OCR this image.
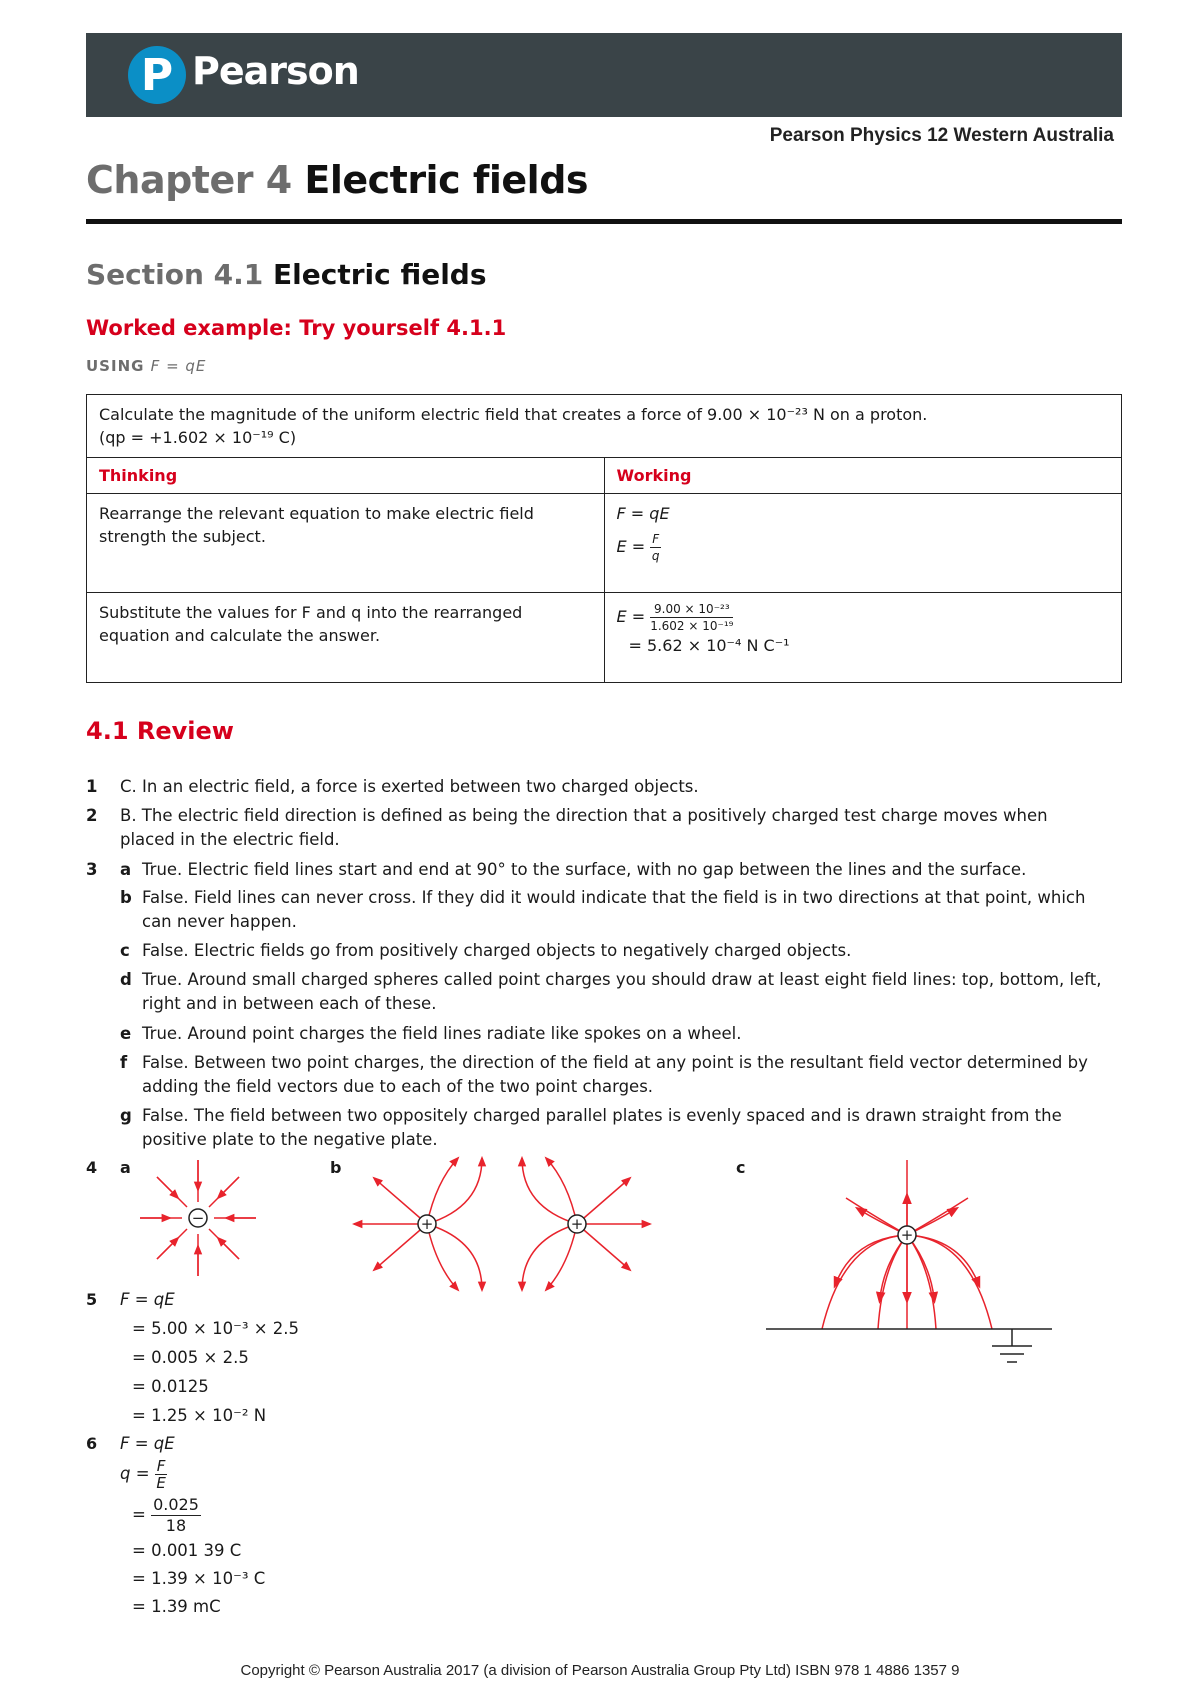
P Pearson
Pearson Physics 12 Western Australia
Chapter 4 Electric fields
Section 4.1 Electric fields
Worked example: Try yourself 4.1.1
USING F = qE
Calculate the magnitude of the uniform electric field that creates a force of 9.00 × 10⁻²³ N on a proton.
(qp = +1.602 × 10⁻¹⁹ C)	

Thinking	Working
Rearrange the relevant equation to make electric field strength the subject.	F = qE
$E = \frac{F}{q}$

Substitute the values for F and q into the rearranged equation and calculate the answer.	$E = \frac{\text{9.00 × 10⁻²³}}{\text{1.602 × 10⁻¹⁹}}$
= 5.62 × 10⁻⁴ N C⁻¹
4.1 Review
1 C. In an electric field, a force is exerted between two charged objects.
2 B. The electric field direction is defined as being the direction that a positively charged test charge moves when
placed in the electric field.
3 a True. Electric field lines start and end at 90° to the surface, with no gap between the lines and the surface.
b False. Field lines can never cross. If they did it would indicate that the field is in two directions at that point, which
can never happen.
c False. Electric fields go from positively charged objects to negatively charged objects.
d True. Around small charged spheres called point charges you should draw at least eight field lines: top, bottom, left,
right and in between each of these.
e True. Around point charges the field lines radiate like spokes on a wheel.
f False. Between two point charges, the direction of the field at any point is the resultant field vector determined by
adding the field vectors due to each of the two point charges.
g False. The field between two oppositely charged parallel plates is evenly spaced and is drawn straight from the
positive plate to the negative plate.
4 a	b	c
−	+	+
+
5 F = qE
= 5.00 × 10⁻³ × 2.5
= 0.005 × 2.5
= 0.0125
= 1.25 × 10⁻² N
6 F = qE
$q = \frac{F}{E}$
= $\frac{0.025}{18}$
= 0.001 39 C
= 1.39 × 10⁻³ C
= 1.39 mC
Copyright © Pearson Australia 2017 (a division of Pearson Australia Group Pty Ltd) ISBN 978 1 4886 1357 9
